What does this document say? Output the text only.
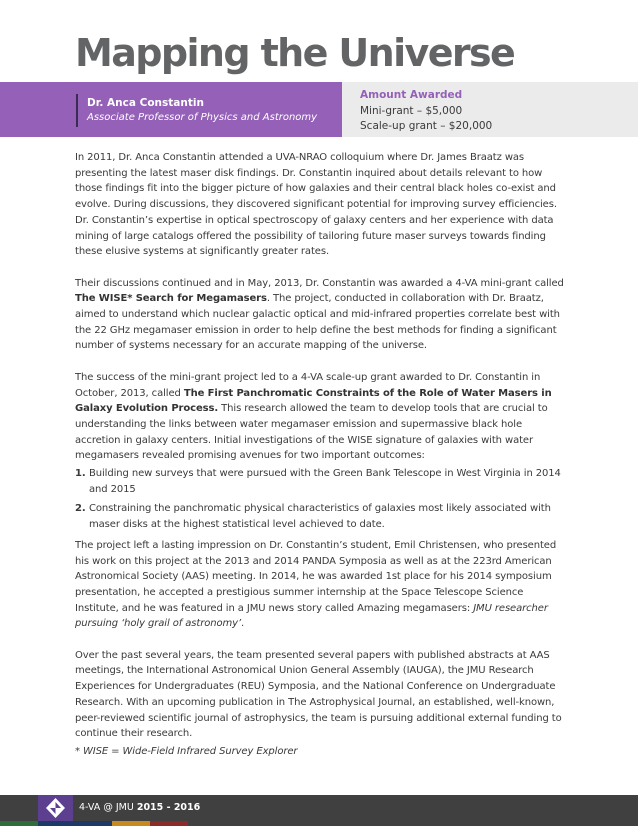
Mapping the Universe
Dr. Anca Constantin
Associate Professor of Physics and Astronomy
Amount Awarded
Mini-grant – $5,000
Scale-up grant – $20,000

In 2011, Dr. Anca Constantin attended a UVA-NRAO colloquium where Dr. James Braatz was presenting the latest maser disk findings. Dr. Constantin inquired about details relevant to how those findings fit into the bigger picture of how galaxies and their central black holes co-exist and evolve. During discussions, they discovered significant potential for improving survey efficiencies. Dr. Constantin’s expertise in optical spectroscopy of galaxy centers and her experience with data mining of large catalogs offered the possibility of tailoring future maser surveys towards finding these elusive systems at significantly greater rates.

Their discussions continued and in May, 2013, Dr. Constantin was awarded a 4-VA mini-grant called The WISE* Search for Megamasers. The project, conducted in collaboration with Dr. Braatz, aimed to understand which nuclear galactic optical and mid-infrared properties correlate best with the 22 GHz megamaser emission in order to help define the best methods for finding a significant number of systems necessary for an accurate mapping of the universe.

The success of the mini-grant project led to a 4-VA scale-up grant awarded to Dr. Constantin in October, 2013, called The First Panchromatic Constraints of the Role of Water Masers in Galaxy Evolution Process. This research allowed the team to develop tools that are crucial to understanding the links between water megamaser emission and supermassive black hole accretion in galaxy centers. Initial investigations of the WISE signature of galaxies with water megamasers revealed promising avenues for two important outcomes:

1. Building new surveys that were pursued with the Green Bank Telescope in West Virginia in 2014 and 2015
2. Constraining the panchromatic physical characteristics of galaxies most likely associated with maser disks at the highest statistical level achieved to date.

The project left a lasting impression on Dr. Constantin’s student, Emil Christensen, who presented his work on this project at the 2013 and 2014 PANDA Symposia as well as at the 223rd American Astronomical Society (AAS) meeting. In 2014, he was awarded 1st place for his 2014 symposium presentation, he accepted a prestigious summer internship at the Space Telescope Science Institute, and he was featured in a JMU news story called Amazing megamasers: JMU researcher pursuing ‘holy grail of astronomy’.

Over the past several years, the team presented several papers with published abstracts at AAS meetings, the International Astronomical Union General Assembly (IAUGA), the JMU Research Experiences for Undergraduates (REU) Symposia, and the National Conference on Undergraduate Research. With an upcoming publication in The Astrophysical Journal, an established, well-known, peer-reviewed scientific journal of astrophysics, the team is pursuing additional external funding to continue their research.

* WISE = Wide-Field Infrared Survey Explorer

4-VA @ JMU 2015 - 2016
